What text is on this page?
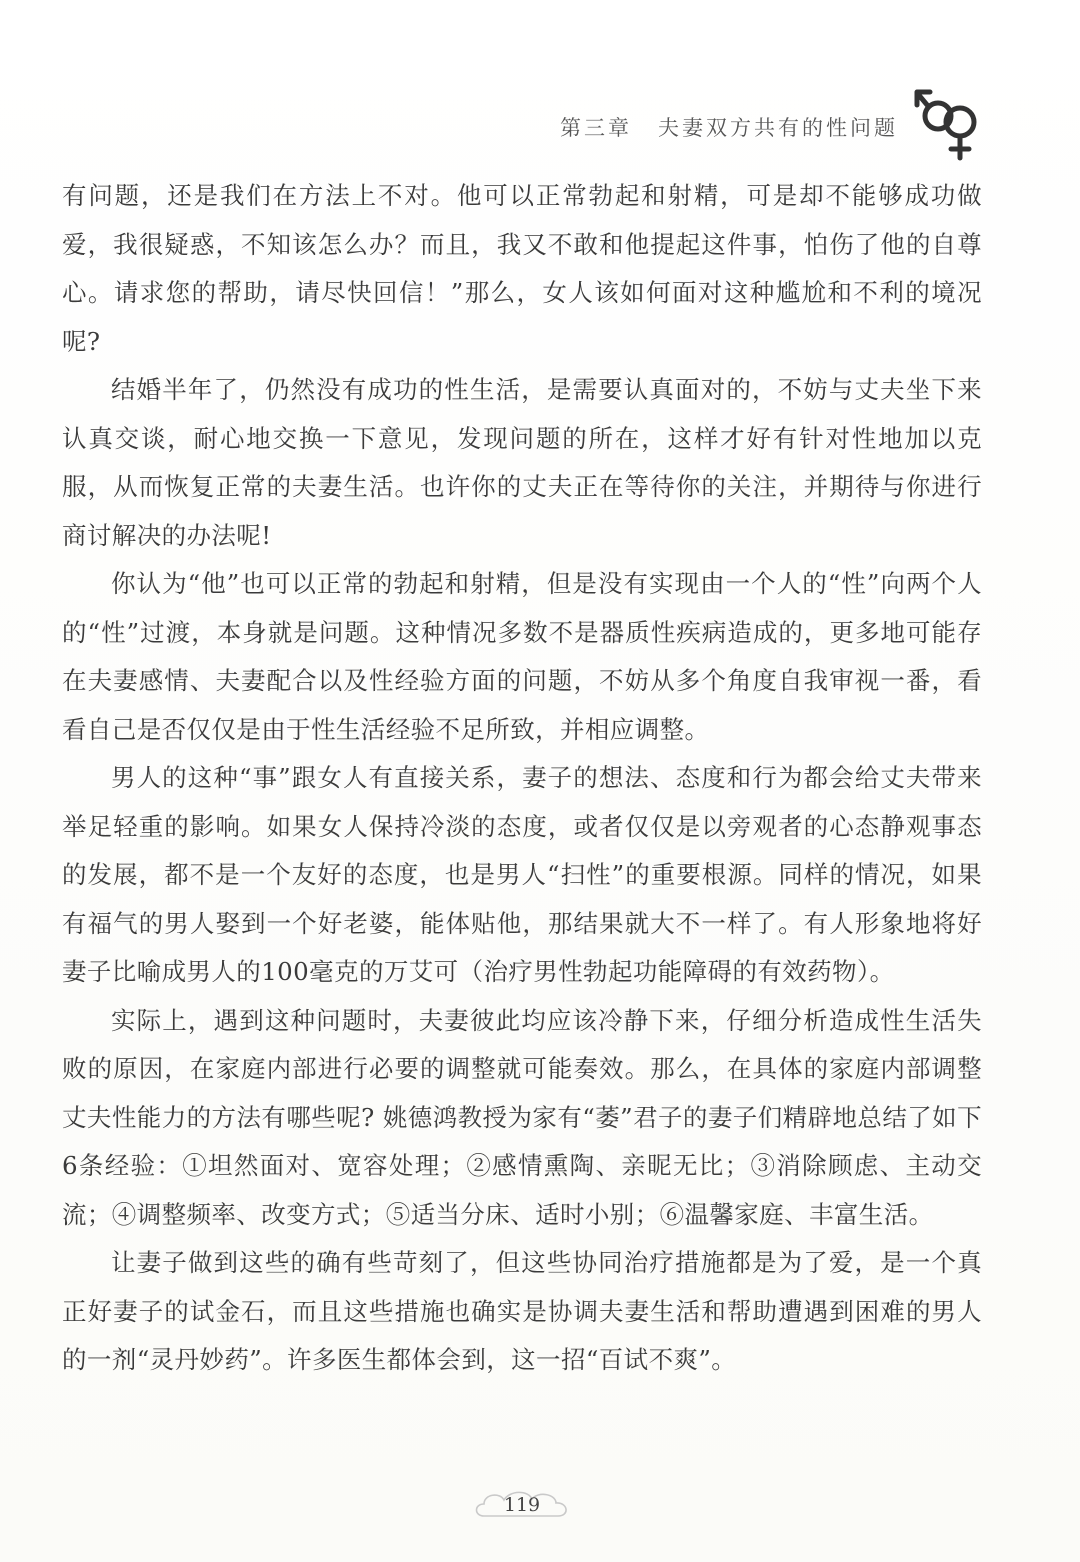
第三章 夫妻双方共有的性问题

有问题，还是我们在方法上不对。他可以正常勃起和射精，可是却不能够成功做爱，我很疑惑，不知该怎么办？而且，我又不敢和他提起这件事，怕伤了他的自尊心。请求您的帮助，请尽快回信！”那么，女人该如何面对这种尴尬和不利的境况呢?

结婚半年了，仍然没有成功的性生活，是需要认真面对的，不妨与丈夫坐下来认真交谈，耐心地交换一下意见，发现问题的所在，这样才好有针对性地加以克服，从而恢复正常的夫妻生活。也许你的丈夫正在等待你的关注，并期待与你进行商讨解决的办法呢!

你认为“他”也可以正常的勃起和射精，但是没有实现由一个人的“性”向两个人的“性”过渡，本身就是问题。这种情况多数不是器质性疾病造成的，更多地可能存在夫妻感情、夫妻配合以及性经验方面的问题，不妨从多个角度自我审视一番，看看自己是否仅仅是由于性生活经验不足所致，并相应调整。

男人的这种“事”跟女人有直接关系，妻子的想法、态度和行为都会给丈夫带来举足轻重的影响。如果女人保持冷淡的态度，或者仅仅是以旁观者的心态静观事态的发展，都不是一个友好的态度，也是男人“扫性”的重要根源。同样的情况，如果有福气的男人娶到一个好老婆，能体贴他，那结果就大不一样了。有人形象地将好妻子比喻成男人的100毫克的万艾可（治疗男性勃起功能障碍的有效药物）。

实际上，遇到这种问题时，夫妻彼此均应该冷静下来，仔细分析造成性生活失败的原因，在家庭内部进行必要的调整就可能奏效。那么，在具体的家庭内部调整丈夫性能力的方法有哪些呢? 姚德鸿教授为家有“萎”君子的妻子们精辟地总结了如下6条经验：①坦然面对、宽容处理；②感情熏陶、亲昵无比；③消除顾虑、主动交流；④调整频率、改变方式；⑤适当分床、适时小别；⑥温馨家庭、丰富生活。

让妻子做到这些的确有些苛刻了，但这些协同治疗措施都是为了爱，是一个真正好妻子的试金石，而且这些措施也确实是协调夫妻生活和帮助遭遇到困难的男人的一剂“灵丹妙药”。许多医生都体会到，这一招“百试不爽”。

119
